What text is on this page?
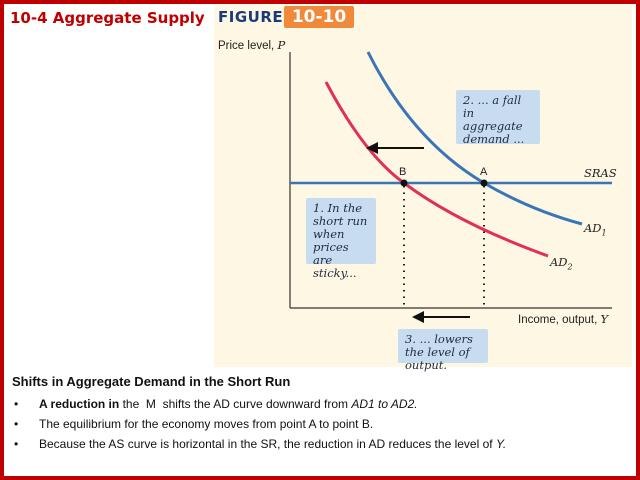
10-4 Aggregate Supply FIGURE 10-10
Price level, P
Income, output, Y
B	A	SRAS
$AD_1$
$AD_2$
1. In the short run when prices are sticky...
2. ... a fall in aggregate demand ...
3. ... lowers the level of output.
Shifts in Aggregate Demand in the Short Run
• A reduction in the  M  shifts the AD curve downward from AD1 to AD2.
• The equilibrium for the economy moves from point A to point B.
• Because the AS curve is horizontal in the SR, the reduction in AD reduces the level of Y.
